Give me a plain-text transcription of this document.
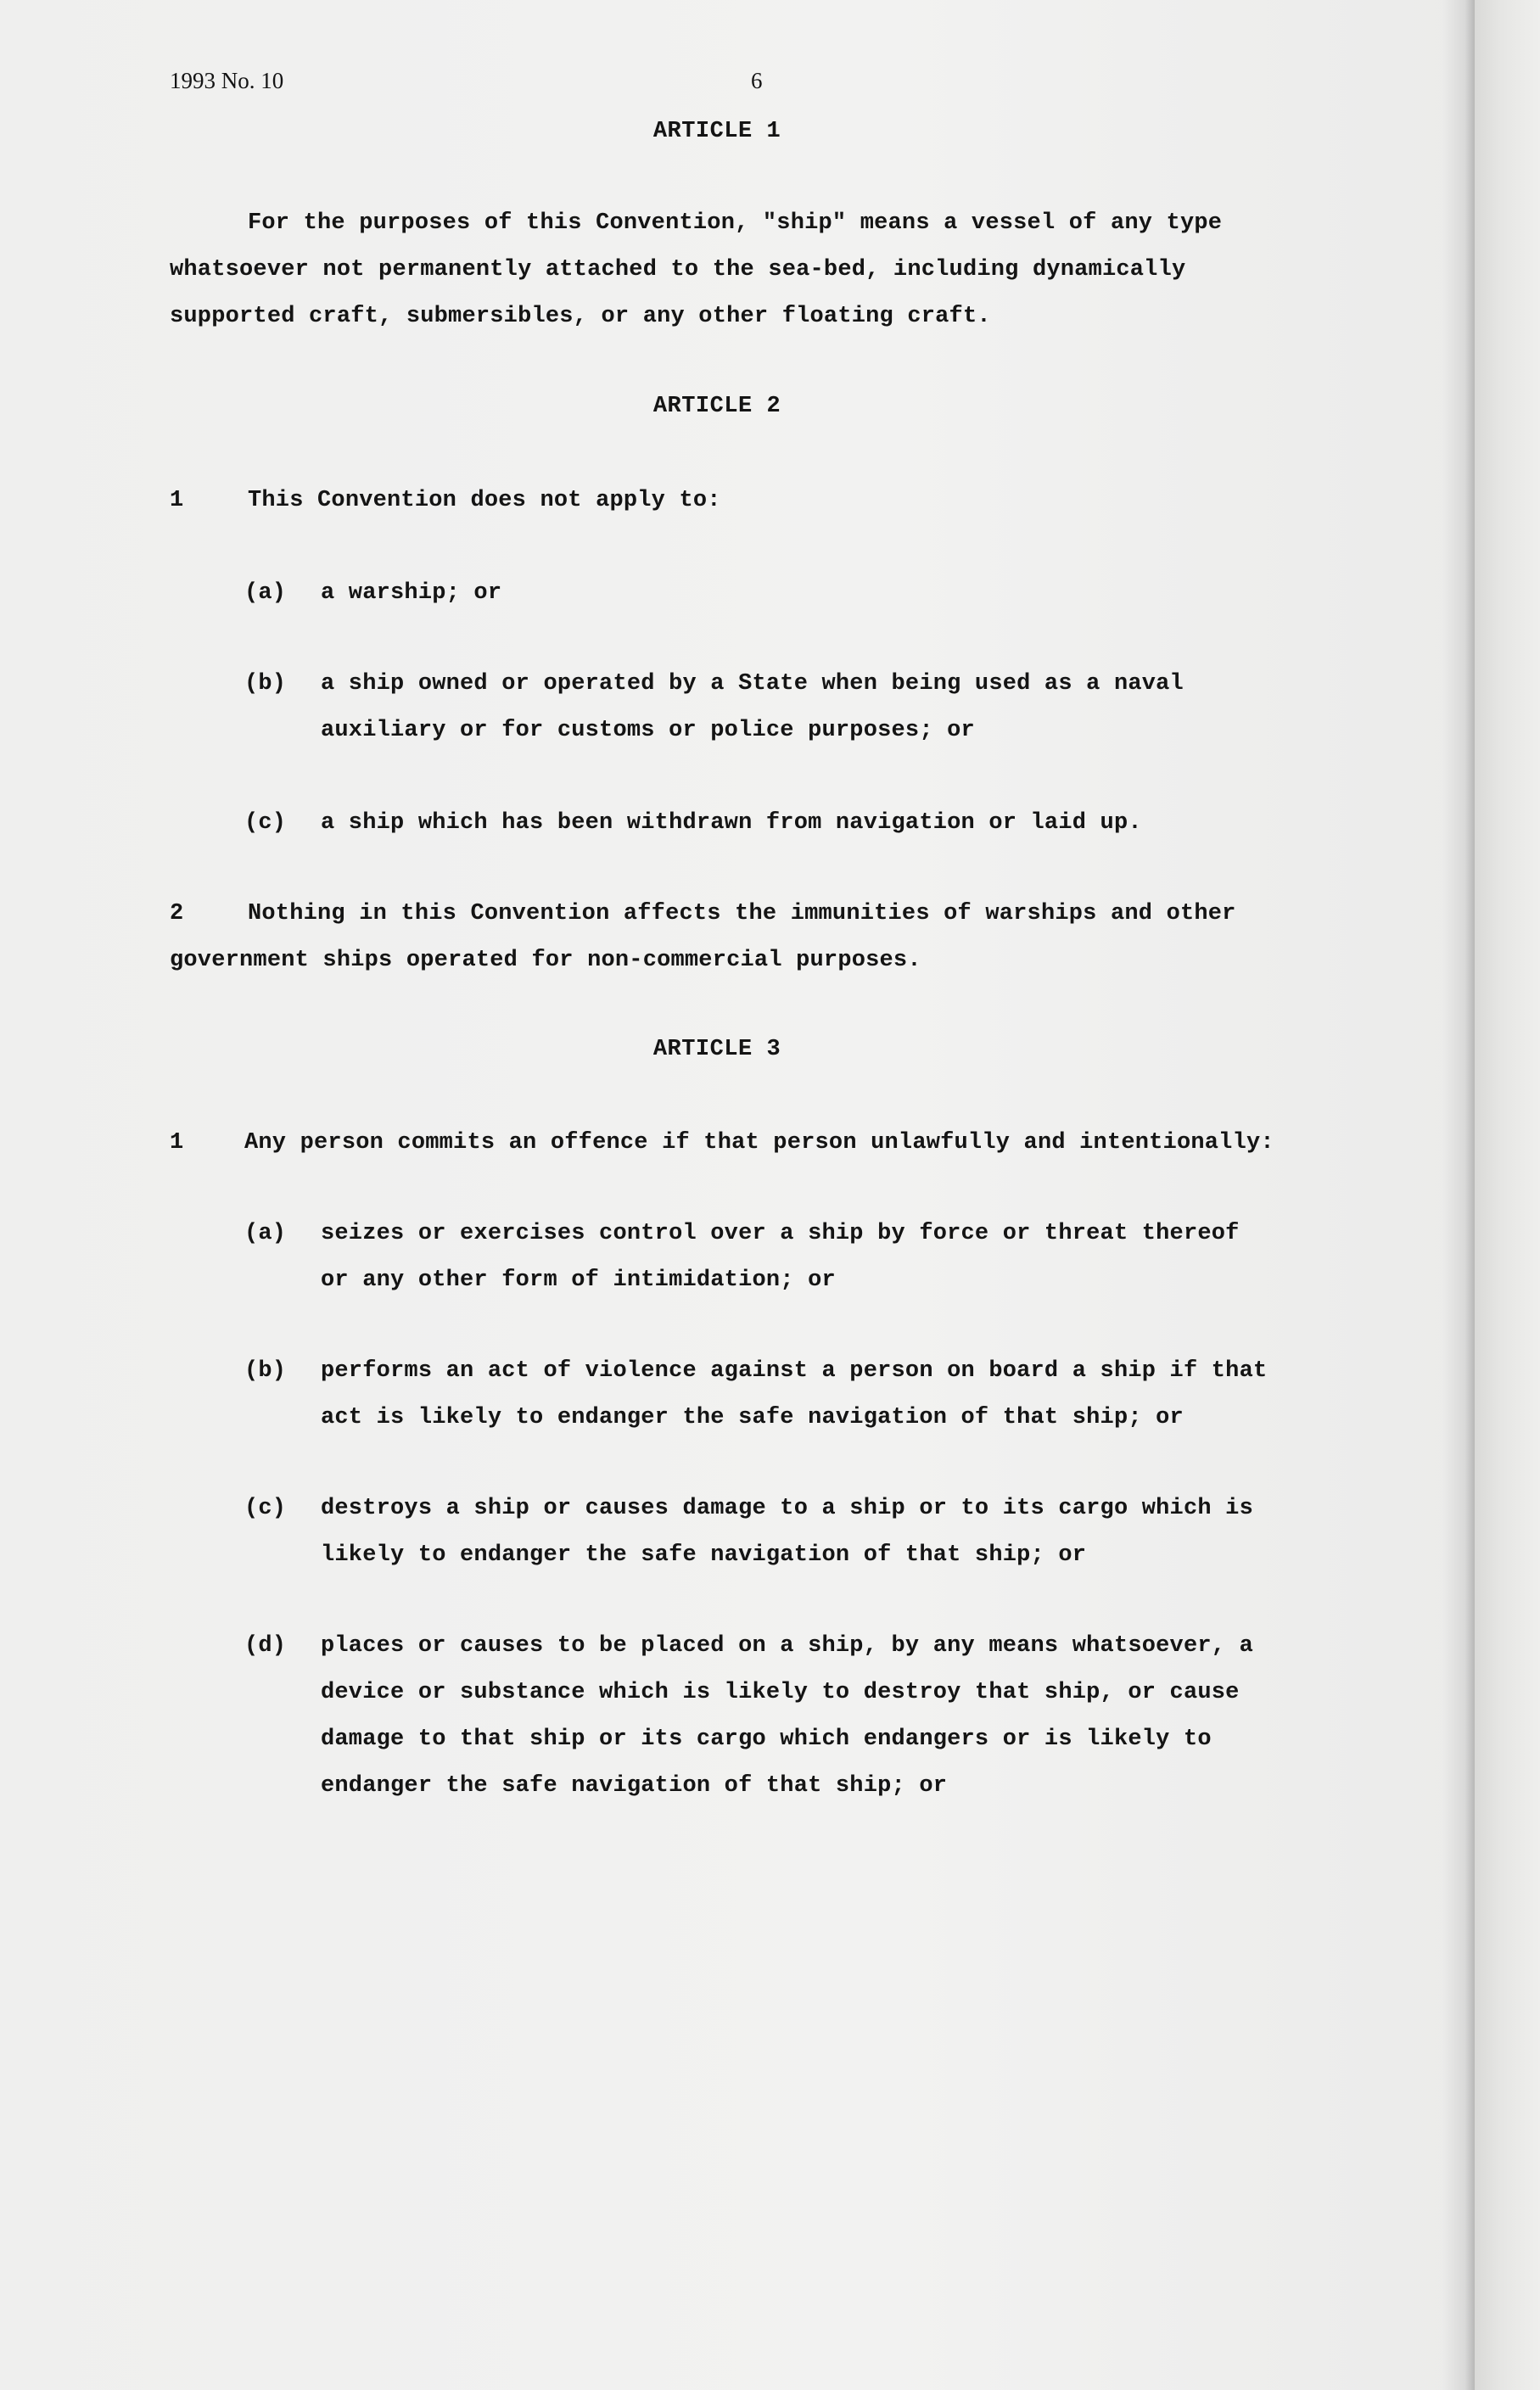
1993 No. 10	6
ARTICLE 1
For the purposes of this Convention, "ship" means a vessel of any type
whatsoever not permanently attached to the sea-bed, including dynamically
supported craft, submersibles, or any other floating craft.
ARTICLE 2
1	This Convention does not apply to:
(a) a warship; or
(b) a ship owned or operated by a State when being used as a naval
auxiliary or for customs or police purposes; or
(c) a ship which has been withdrawn from navigation or laid up.
2	Nothing in this Convention affects the immunities of warships and other
government ships operated for non-commercial purposes.
ARTICLE 3
1	Any person commits an offence if that person unlawfully and intentionally:
(a) seizes or exercises control over a ship by force or threat thereof
or any other form of intimidation; or
(b) performs an act of violence against a person on board a ship if that
act is likely to endanger the safe navigation of that ship; or
(c) destroys a ship or causes damage to a ship or to its cargo which is
likely to endanger the safe navigation of that ship; or
(d) places or causes to be placed on a ship, by any means whatsoever, a
device or substance which is likely to destroy that ship, or cause
damage to that ship or its cargo which endangers or is likely to
endanger the safe navigation of that ship; or
